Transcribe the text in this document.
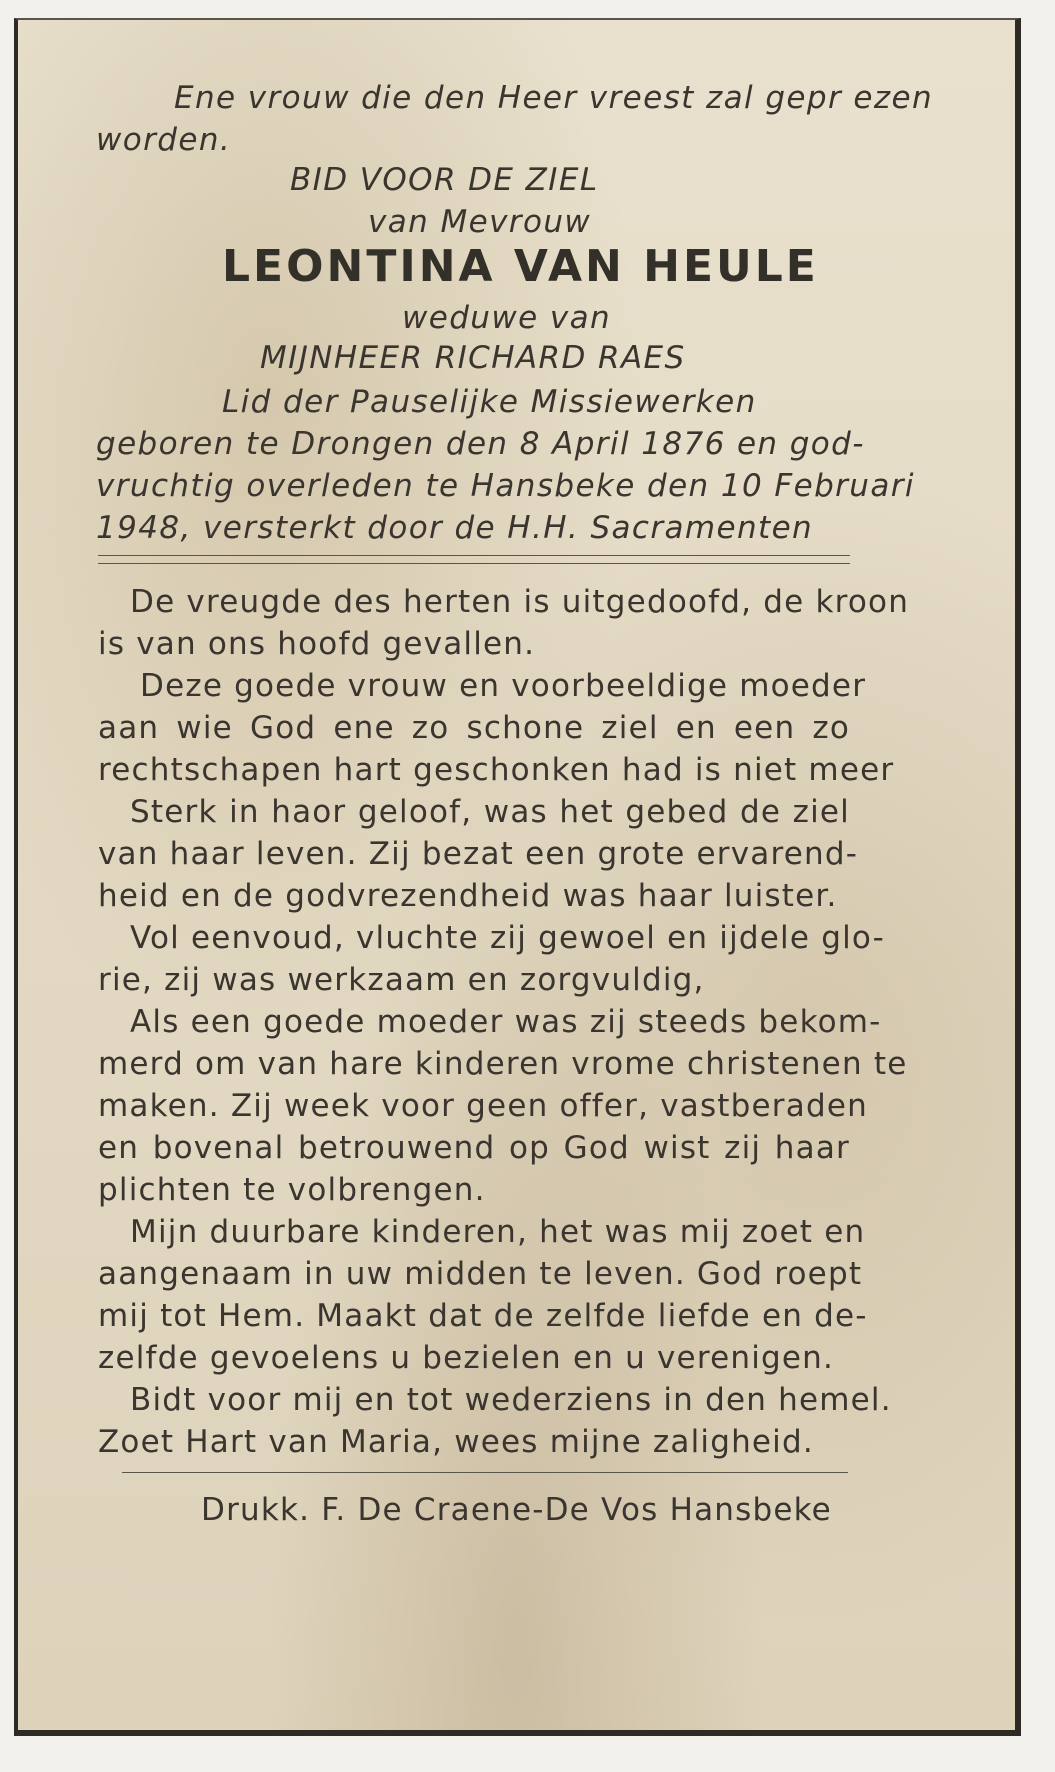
Ene vrouw die den Heer vreest zal gepr ezen
worden.
BID VOOR DE ZIEL
van Mevrouw
LEONTINA VAN HEULE
weduwe van
MIJNHEER RICHARD RAES
Lid der Pauselijke Missiewerken
geboren te Drongen den 8 April 1876 en god-
vruchtig overleden te Hansbeke den 10 Februari
1948, versterkt door de H.H. Sacramenten
De vreugde des herten is uitgedoofd, de kroon
is van ons hoofd gevallen.
Deze goede vrouw en voorbeeldige moeder
aan wie God ene zo schone ziel en een zo
rechtschapen hart geschonken had is niet meer
Sterk in haor geloof, was het gebed de ziel
van haar leven. Zij bezat een grote ervarend-
heid en de godvrezendheid was haar luister.
Vol eenvoud, vluchte zij gewoel en ijdele glo-
rie, zij was werkzaam en zorgvuldig,
Als een goede moeder was zij steeds bekom-
merd om van hare kinderen vrome christenen te
maken. Zij week voor geen offer, vastberaden
en bovenal betrouwend op God wist zij haar
plichten te volbrengen.
Mijn duurbare kinderen, het was mij zoet en
aangenaam in uw midden te leven. God roept
mij tot Hem. Maakt dat de zelfde liefde en de-
zelfde gevoelens u bezielen en u verenigen.
Bidt voor mij en tot wederziens in den hemel.
Zoet Hart van Maria, wees mijne zaligheid.
Drukk. F. De Craene-De Vos Hansbeke
